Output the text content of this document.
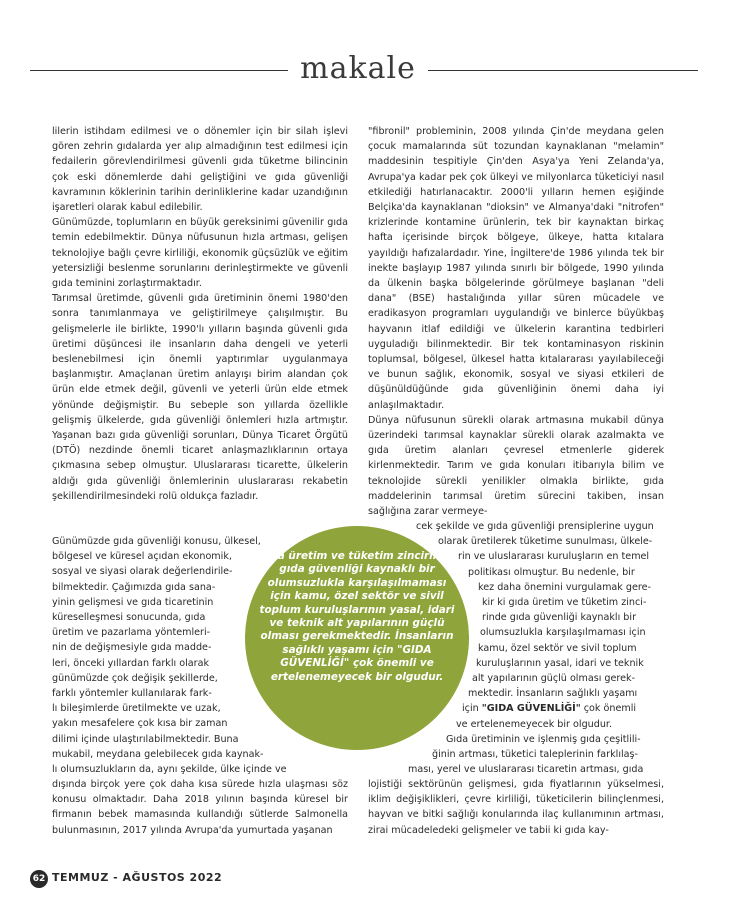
makale

lilerin istihdam edilmesi ve o dönemler için bir silah işlevi gören zehrin gıdalarda yer alıp almadığının test edilmesi için fedailerin görevlendirilmesi güvenli gıda tüketme bilincinin çok eski dönemlerde dahi geliştiğini ve gıda güvenliği kavramının köklerinin tarihin derinliklerine kadar uzandığının işaretleri olarak kabul edilebilir.

Günümüzde, toplumların en büyük gereksinimi güvenilir gıda temin edebilmektir. Dünya nüfusunun hızla artması, gelişen teknolojiye bağlı çevre kirliliği, ekonomik güçsüzlük ve eğitim yetersizliği beslenme sorunlarını derinleştirmekte ve güvenli gıda teminini zorlaştırmaktadır.

Tarımsal üretimde, güvenli gıda üretiminin önemi 1980'den sonra tanımlanmaya ve geliştirilmeye çalışılmıştır. Bu gelişmelerle ile birlikte, 1990'lı yılların başında güvenli gıda üretimi düşüncesi ile insanların daha dengeli ve yeterli beslenebilmesi için önemli yaptırımlar uygulanmaya başlanmıştır. Amaçlanan üretim anlayışı birim alandan çok ürün elde etmek değil, güvenli ve yeterli ürün elde etmek yönünde değişmiştir. Bu sebeple son yıllarda özellikle gelişmiş ülkelerde, gıda güvenliği önlemleri hızla artmıştır. Yaşanan bazı gıda güvenliği sorunları, Dünya Ticaret Örgütü (DTÖ) nezdinde önemli ticaret anlaşmazlıklarının ortaya çıkmasına sebep olmuştur. Uluslararası ticarette, ülkelerin aldığı gıda güvenliği önlemlerinin uluslararası rekabetin şekillendirilmesindeki rolü oldukça fazladır.

Günümüzde gıda güvenliği konusu, ülkesel,
bölgesel ve küresel açıdan ekonomik,
sosyal ve siyasi olarak değerlendirile-
bilmektedir. Çağımızda gıda sana-
yinin gelişmesi ve gıda ticaretinin
küreselleşmesi sonucunda, gıda
üretim ve pazarlama yöntemleri-
nin de değişmesiyle gıda madde-
leri, önceki yıllardan farklı olarak
günümüzde çok değişik şekillerde,
farklı yöntemler kullanılarak fark-
lı bileşimlerde üretilmekte ve uzak,
yakın mesafelere çok kısa bir zaman
dilimi içinde ulaştırılabilmektedir. Buna
mukabil, meydana gelebilecek gıda kaynak-
lı olumsuzlukların da, aynı şekilde, ülke içinde ve

dışında birçok yere çok daha kısa sürede hızla ulaşması söz konusu olmaktadır. Daha 2018 yılının başında küresel bir firmanın bebek mamasında kullandığı sütlerde Salmonella bulunmasının, 2017 yılında Avrupa'da yumurtada yaşanan

"fibronil" probleminin, 2008 yılında Çin'de meydana gelen çocuk mamalarında süt tozundan kaynaklanan "melamin" maddesinin tespitiyle Çin'den Asya'ya Yeni Zelanda'ya, Avrupa'ya kadar pek çok ülkeyi ve milyonlarca tüketiciyi nasıl etkilediği hatırlanacaktır. 2000'li yılların hemen eşiğinde Belçika'da kaynaklanan "dioksin" ve Almanya'daki "nitrofen" krizlerinde kontamine ürünlerin, tek bir kaynaktan birkaç hafta içerisinde birçok bölgeye, ülkeye, hatta kıtalara yayıldığı hafızalardadır. Yine, İngiltere'de 1986 yılında tek bir inekte başlayıp 1987 yılında sınırlı bir bölgede, 1990 yılında da ülkenin başka bölgelerinde görülmeye başlanan "deli dana" (BSE) hastalığında yıllar süren mücadele ve eradikasyon programları uygulandığı ve binlerce büyükbaş hayvanın itlaf edildiği ve ülkelerin karantina tedbirleri uyguladığı bilinmektedir. Bir tek kontaminasyon riskinin toplumsal, bölgesel, ülkesel hatta kıtalararası yayılabileceği ve bunun sağlık, ekonomik, sosyal ve siyasi etkileri de düşünüldüğünde gıda güvenliğinin önemi daha iyi anlaşılmaktadır.

Dünya nüfusunun sürekli olarak artmasına mukabil dünya üzerindeki tarımsal kaynaklar sürekli olarak azalmakta ve gıda üretim alanları çevresel etmenlerle giderek kirlenmektedir. Tarım ve gıda konuları itibarıyla bilim ve teknolojide sürekli yenilikler olmakla birlikte, gıda maddelerinin tarımsal üretim sürecini takiben, insan sağlığına zarar vermeye-

cek şekilde ve gıda güvenliği prensiplerine uygun
olarak üretilerek tüketime sunulması, ülkele-
rin ve uluslararası kuruluşların en temel
politikası olmuştur. Bu nedenle, bir
kez daha önemini vurgulamak gere-
kir ki gıda üretim ve tüketim zinci-
rinde gıda güvenliği kaynaklı bir
olumsuzlukla karşılaşılmaması için
kamu, özel sektör ve sivil toplum
kuruluşlarının yasal, idari ve teknik
alt yapılarının güçlü olması gerek-
mektedir. İnsanların sağlıklı yaşamı
için "GIDA GÜVENLİĞİ" çok önemli
ve ertelenemeyecek bir olgudur.
Gıda üretiminin ve işlenmiş gıda çeşitlili-
ğinin artması, tüketici taleplerinin farklılaş-
ması, yerel ve uluslararası ticaretin artması, gıda

lojistiği sektörünün gelişmesi, gıda fiyatlarının yükselmesi, iklim değişiklikleri, çevre kirliliği, tüketicilerin bilinçlenmesi, hayvan ve bitki sağlığı konularında ilaç kullanımının artması, zirai mücadeledeki gelişmeler ve tabii ki gıda kay-

gıda üretim ve tüketim zincirinde gıda güvenliği kaynaklı bir olumsuzlukla karşılaşılmaması için kamu, özel sektör ve sivil toplum kuruluşlarının yasal, idari ve teknik alt yapılarının güçlü olması gerekmektedir. İnsanların sağlıklı yaşamı için "GIDA GÜVENLİĞİ" çok önemli ve ertelenemeyecek bir olgudur.
62 TEMMUZ - AĞUSTOS 2022
